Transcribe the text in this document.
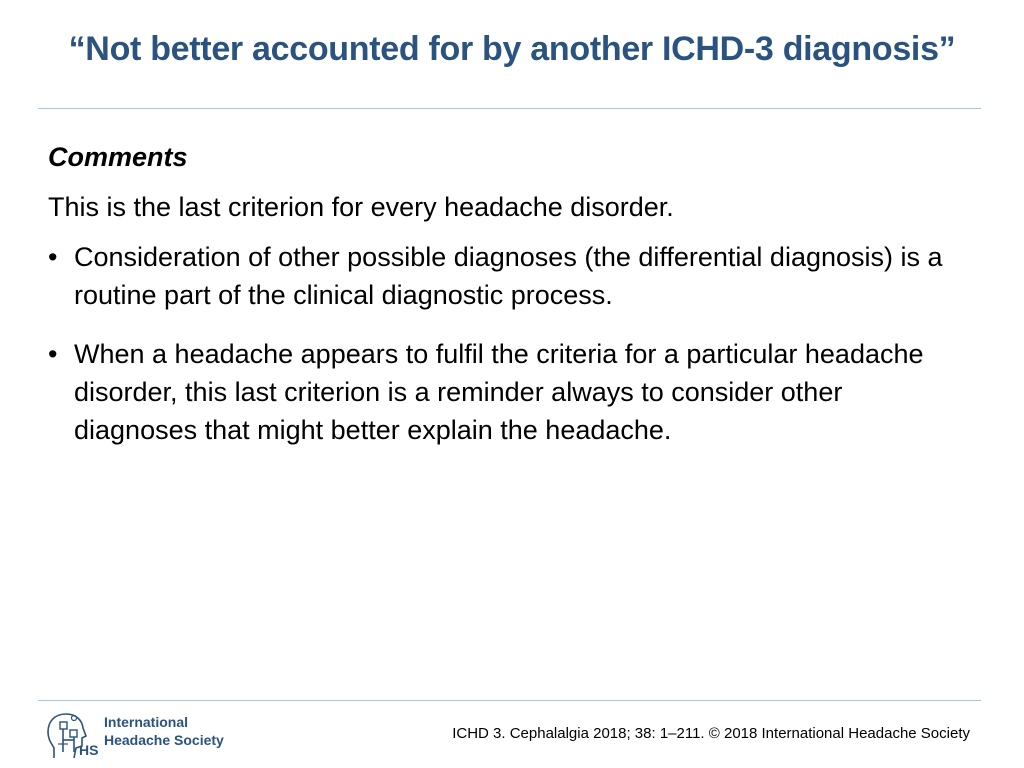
“Not better accounted for by another ICHD-3 diagnosis”

Comments

This is the last criterion for every headache disorder.

• Consideration of other possible diagnoses (the differential diagnosis) is a routine part of the clinical diagnostic process.
• When a headache appears to fulfil the criteria for a particular headache disorder, this last criterion is a reminder always to consider other diagnoses that might better explain the headache.
HS
International
Headache Society	ICHD 3. Cephalalgia 2018; 38: 1–211. © 2018 International Headache Society
